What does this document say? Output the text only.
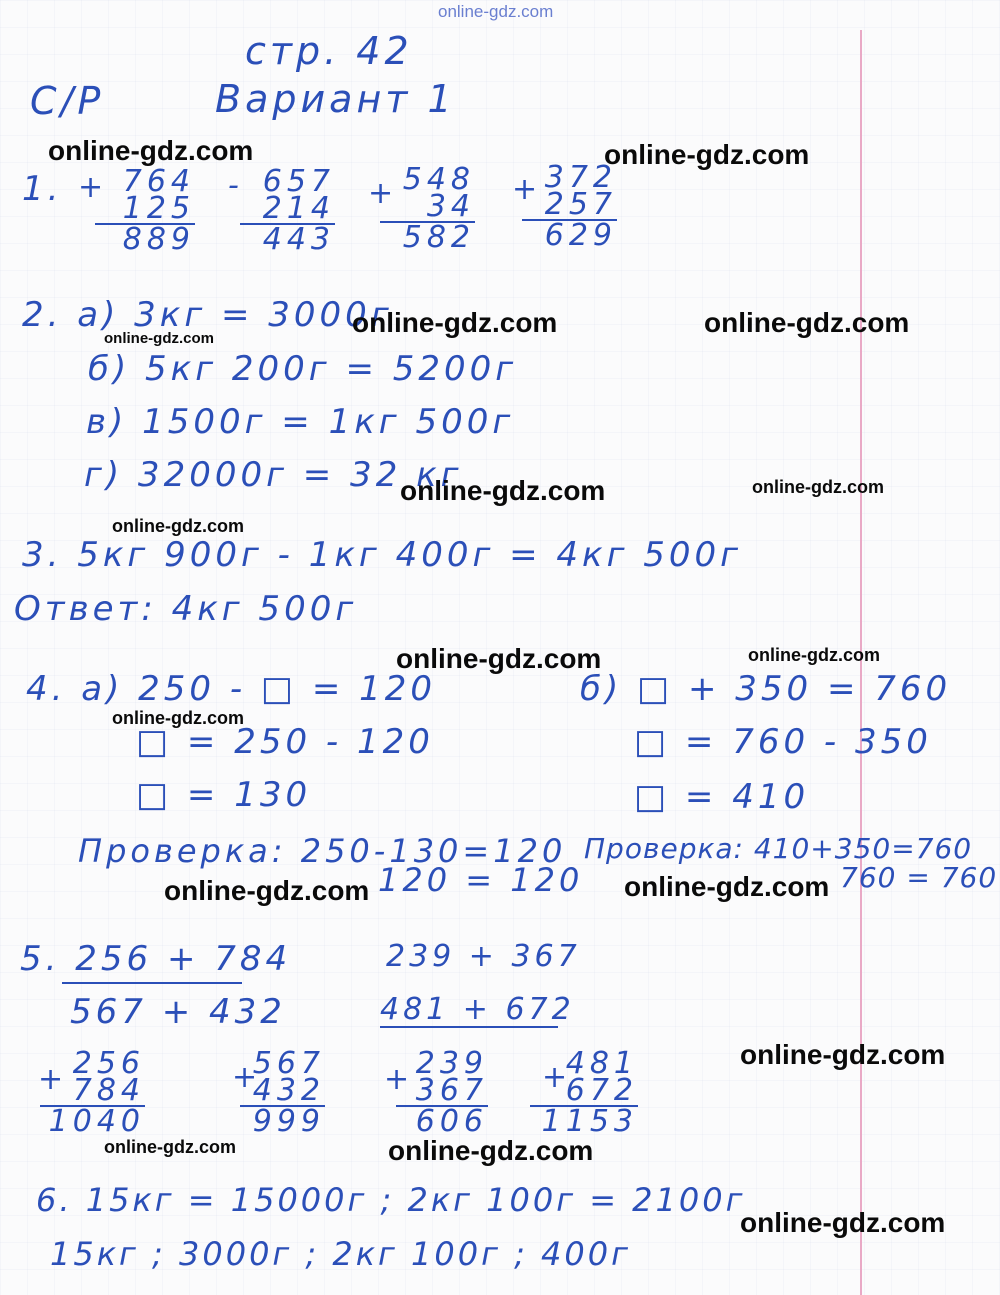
стр. 42
С/Р	Вариант 1
1. + 764
125
889
- 657
214
443
+ 548
34
582
+ 372
257
629
2. а) 3кг = 3000г
б) 5кг 200г = 5200г
в) 1500г = 1кг 500г
г) 32000г = 32 кг
3. 5кг 900г - 1кг 400г = 4кг 500г
Ответ: 4кг 500г
4. а) 250 - □ = 120
□ = 250 - 120
□ = 130
Проверка: 250-130=120
120 = 120
б) □ + 350 = 760
□ = 760 - 350
□ = 410
Проверка: 410+350=760
760 = 760
5. 256 + 784
567 + 432
239 + 367
481 + 672
+ 256
784
1040
+
567
432
999
+ 239
367
606
+
481
672
1153
6. 15кг = 15000г ; 2кг 100г = 2100г
15кг ; 3000г ; 2кг 100г ; 400г
online-gdz.com
online-gdz.com	online-gdz.com
online-gdz.com	online-gdz.com
online-gdz.com
online-gdz.com	online-gdz.com
online-gdz.com
online-gdz.com	online-gdz.com
online-gdz.com
online-gdz.com	online-gdz.com
online-gdz.com
online-gdz.com	online-gdz.com
online-gdz.com
